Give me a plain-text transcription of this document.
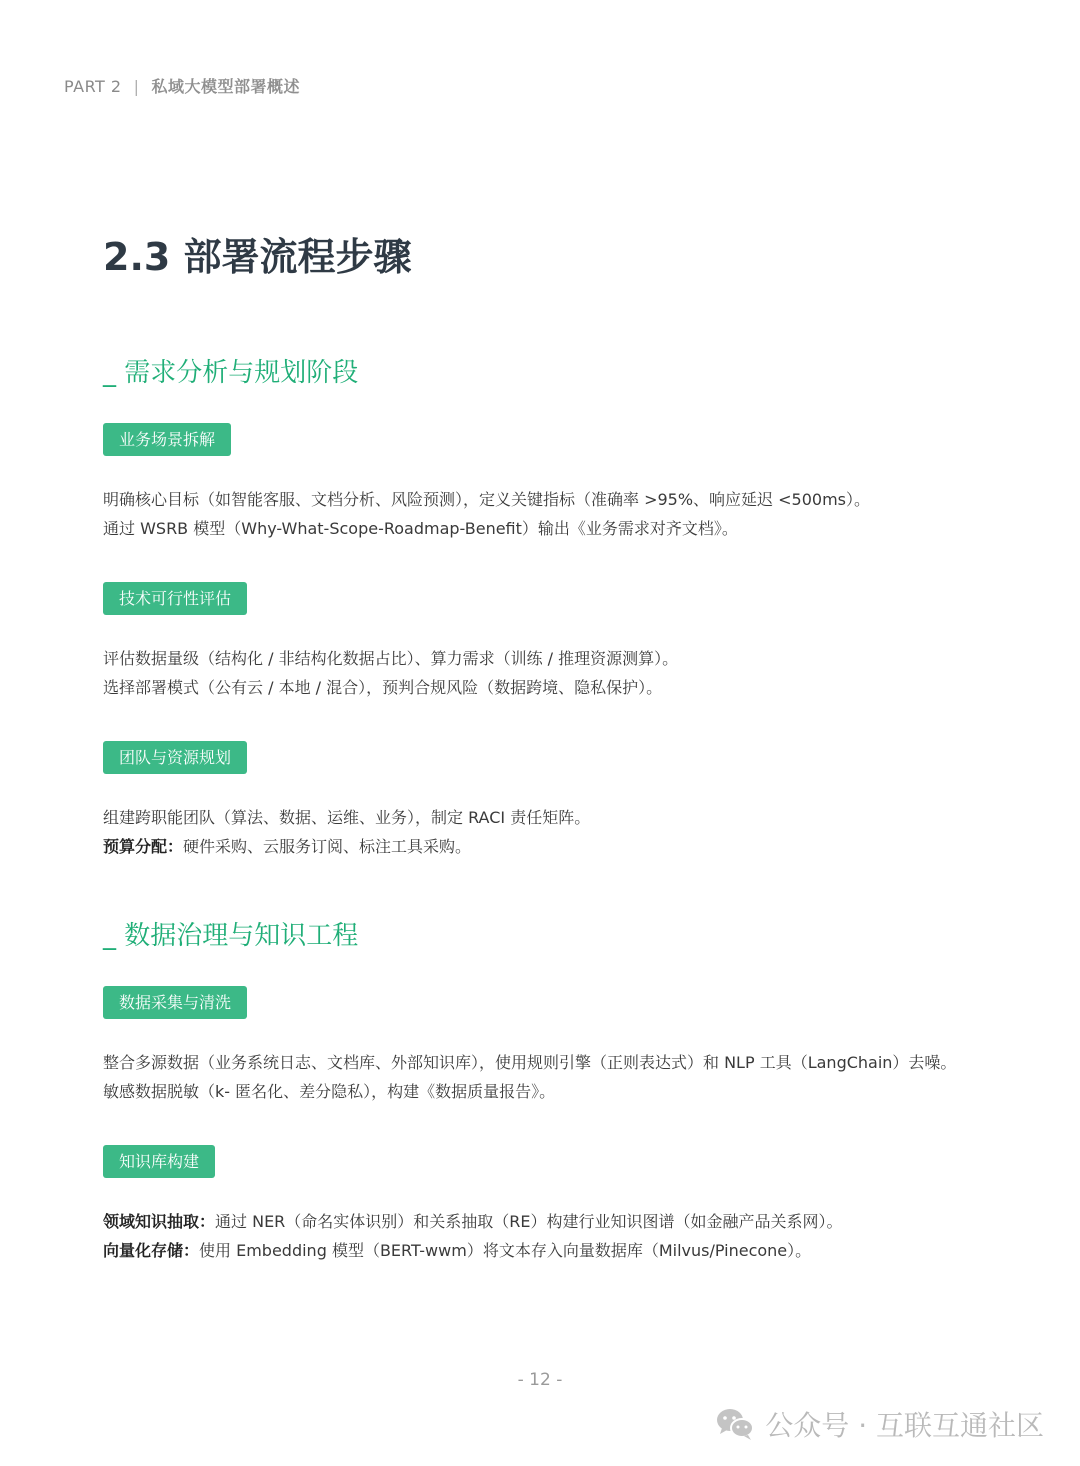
PART 2 | 私域大模型部署概述
2.3 部署流程步骤
_ 需求分析与规划阶段
业务场景拆解
明确核心目标（如智能客服、文档分析、风险预测），定义关键指标（准确率 >95%、响应延迟 <500ms）。
通过 WSRB 模型（Why-What-Scope-Roadmap-Benefit）输出《业务需求对齐文档》。
技术可行性评估
评估数据量级（结构化 / 非结构化数据占比）、算力需求（训练 / 推理资源测算）。
选择部署模式（公有云 / 本地 / 混合），预判合规风险（数据跨境、隐私保护）。
团队与资源规划
组建跨职能团队（算法、数据、运维、业务），制定 RACI 责任矩阵。
预算分配：硬件采购、云服务订阅、标注工具采购。
_ 数据治理与知识工程
数据采集与清洗
整合多源数据（业务系统日志、文档库、外部知识库），使用规则引擎（正则表达式）和 NLP 工具（LangChain）去噪。
敏感数据脱敏（k- 匿名化、差分隐私），构建《数据质量报告》。
知识库构建
领域知识抽取：通过 NER（命名实体识别）和关系抽取（RE）构建行业知识图谱（如金融产品关系网）。
向量化存储：使用 Embedding 模型（BERT-wwm）将文本存入向量数据库（Milvus/Pinecone）。
- 12 -
公众号 · 互联互通社区
